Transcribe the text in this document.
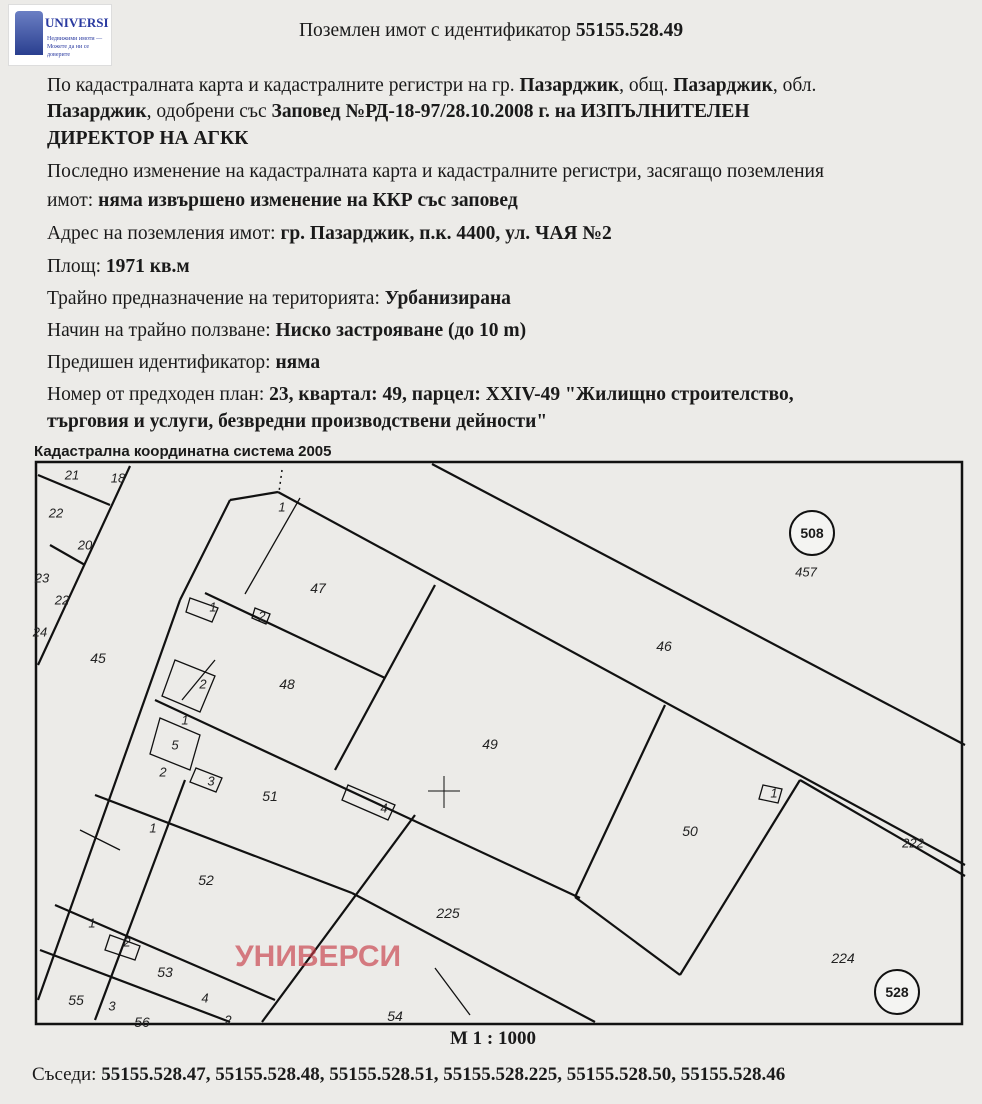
Поземлен имот с идентификатор 55155.528.49
По кадастралната карта и кадастралните регистри на гр. Пазарджик, общ. Пазарджик, обл.
Пазарджик, одобрени със Заповед №РД-18-97/28.10.2008 г. на ИЗПЪЛНИТЕЛЕН
ДИРЕКТОР НА АГКК
Последно изменение на кадастралната карта и кадастралните регистри, засягащо поземления
имот: няма извършено изменение на ККР със заповед
Адрес на поземления имот: гр. Пазарджик, п.к. 4400, ул. ЧАЯ №2
Площ: 1971 кв.м
Трайно предназначение на територията: Урбанизирана
Начин на трайно ползване: Ниско застрояване (до 10 m)
Предишен идентификатор: няма
Номер от предходен план: 23, квартал: 49, парцел: XXIV-49 "Жилищно строителство,
търговия и услуги, безвредни производствени дейности"
UNIVERSI
Недвижими имоти — Можете да ни се доверите
Кадастрална координатна система 2005
47
48
49
46
45
50
51
52
225
224
53
55
54
56
457
222
21
22
23
24
20
22
18
1
1
2
2
1
5
2
3
4
1
1
2
1
3
4
2
508
528
УНИВЕРСИ
М 1 : 1000
Съседи: 55155.528.47, 55155.528.48, 55155.528.51, 55155.528.225, 55155.528.50, 55155.528.46
